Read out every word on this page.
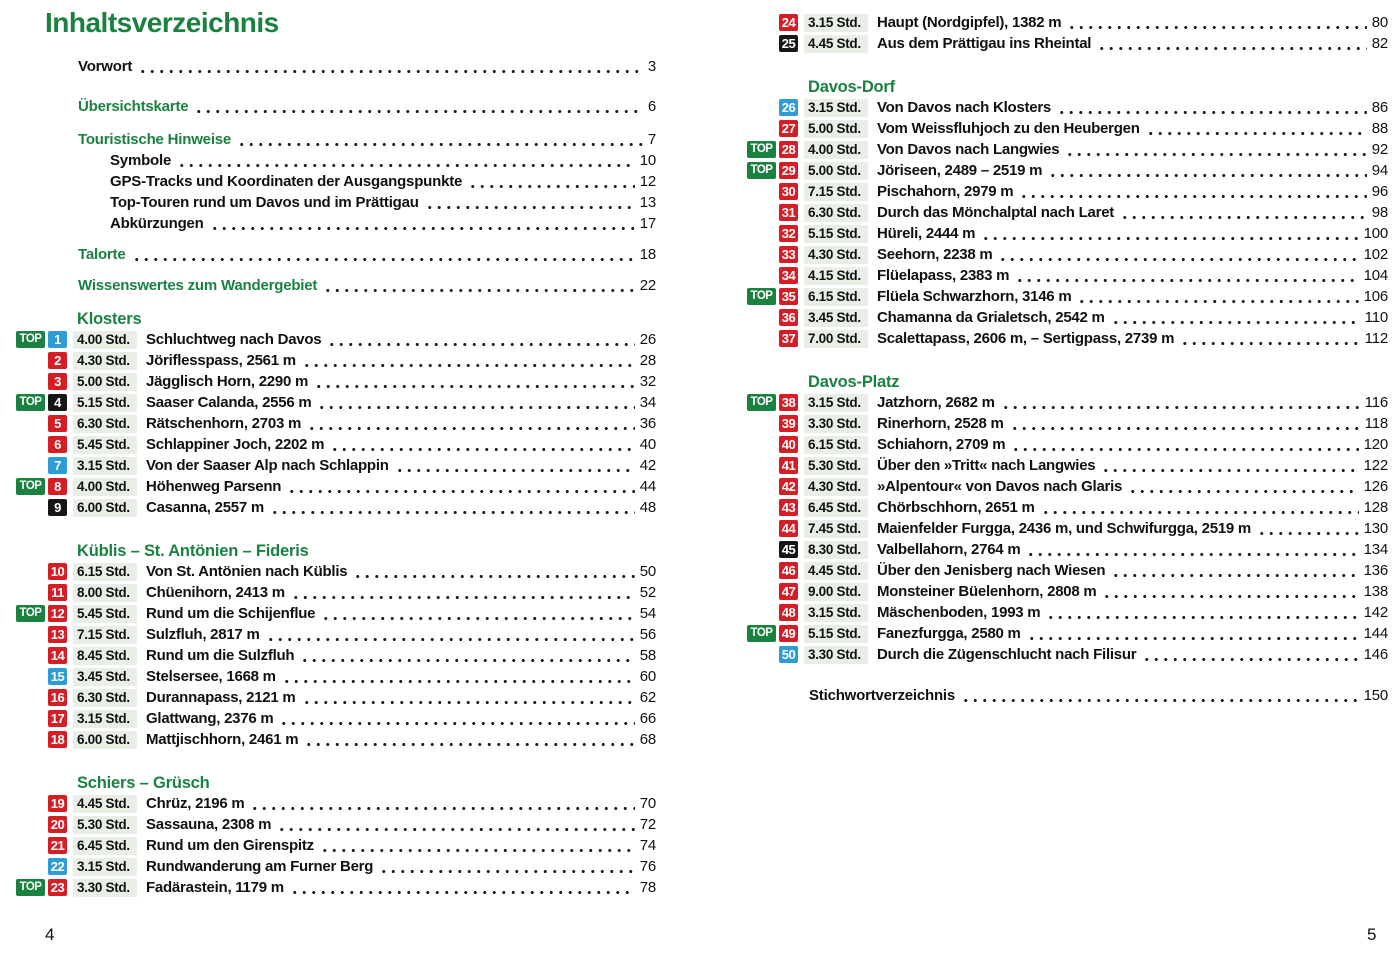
Inhaltsverzeichnis
Vorwort	3
Übersichtskarte	6
Touristische Hinweise	7
Symbole	10
GPS-Tracks und Koordinaten der Ausgangspunkte	12
Top-Touren rund um Davos und im Prättigau	13
Abkürzungen	17
Talorte	18
Wissenswertes zum Wandergebiet	22
Klosters
TOP 1	4.00 Std.	Schluchtweg nach Davos	26
2	4.30 Std.	Jöriflesspass, 2561 m	28
3	5.00 Std.	Jägglisch Horn, 2290 m	32
TOP 4	5.15 Std.	Saaser Calanda, 2556 m	34
5	6.30 Std.	Rätschenhorn, 2703 m	36
6	5.45 Std.	Schlappiner Joch, 2202 m	40
7	3.15 Std.	Von der Saaser Alp nach Schlappin	42
TOP 8	4.00 Std.	Höhenweg Parsenn	44
9	6.00 Std.	Casanna, 2557 m	48
Küblis – St. Antönien – Fideris
10 6.15 Std.	Von St. Antönien nach Küblis	50
11 8.00 Std.	Chüenihorn, 2413 m	52
TOP 12 5.45 Std.	Rund um die Schijenflue	54
13 7.15 Std.	Sulzfluh, 2817 m	56
14 8.45 Std.	Rund um die Sulzfluh	58
15 3.45 Std.	Stelsersee, 1668 m	60
16 6.30 Std.	Durannapass, 2121 m	62
17 3.15 Std.	Glattwang, 2376 m	66
18 6.00 Std.	Mattjischhorn, 2461 m	68
Schiers – Grüsch
19 4.45 Std.	Chrüz, 2196 m	70
20 5.30 Std.	Sassauna, 2308 m	72
21 6.45 Std.	Rund um den Girenspitz	74
22 3.15 Std.	Rundwanderung am Furner Berg	76
TOP 23 3.30 Std.	Fadärastein, 1179 m	78
24 3.15 Std.	Haupt (Nordgipfel), 1382 m	80
25 4.45 Std.	Aus dem Prättigau ins Rheintal	82
Davos-Dorf
26 3.15 Std.	Von Davos nach Klosters	86
27 5.00 Std.	Vom Weissfluhjoch zu den Heubergen	88
TOP 28 4.00 Std.	Von Davos nach Langwies	92
TOP 29 5.00 Std.	Jöriseen, 2489 – 2519 m	94
30 7.15 Std.	Pischahorn, 2979 m	96
31 6.30 Std.	Durch das Mönchalptal nach Laret	98
32 5.15 Std.	Hüreli, 2444 m	100
33 4.30 Std.	Seehorn, 2238 m	102
34 4.15 Std.	Flüelapass, 2383 m	104
TOP 35 6.15 Std.	Flüela Schwarzhorn, 3146 m	106
36 3.45 Std.	Chamanna da Grialetsch, 2542 m	110
37 7.00 Std.	Scalettapass, 2606 m, – Sertigpass, 2739 m	112
Davos-Platz
TOP 38 3.15 Std.	Jatzhorn, 2682 m	116
39 3.30 Std.	Rinerhorn, 2528 m	118
40 6.15 Std.	Schiahorn, 2709 m	120
41 5.30 Std.	Über den »Tritt« nach Langwies	122
42 4.30 Std.	»Alpentour« von Davos nach Glaris	126
43 6.45 Std.	Chörbschhorn, 2651 m	128
44 7.45 Std.	Maienfelder Furgga, 2436 m, und Schwifurgga, 2519 m	130
45 8.30 Std.	Valbellahorn, 2764 m	134
46 4.45 Std.	Über den Jenisberg nach Wiesen	136
47 9.00 Std.	Monsteiner Büelenhorn, 2808 m	138
48 3.15 Std.	Mäschenboden, 1993 m	142
TOP 49 5.15 Std.	Fanezfurgga, 2580 m	144
50 3.30 Std.	Durch die Zügenschlucht nach Filisur	146
Stichwortverzeichnis	150
4	5
